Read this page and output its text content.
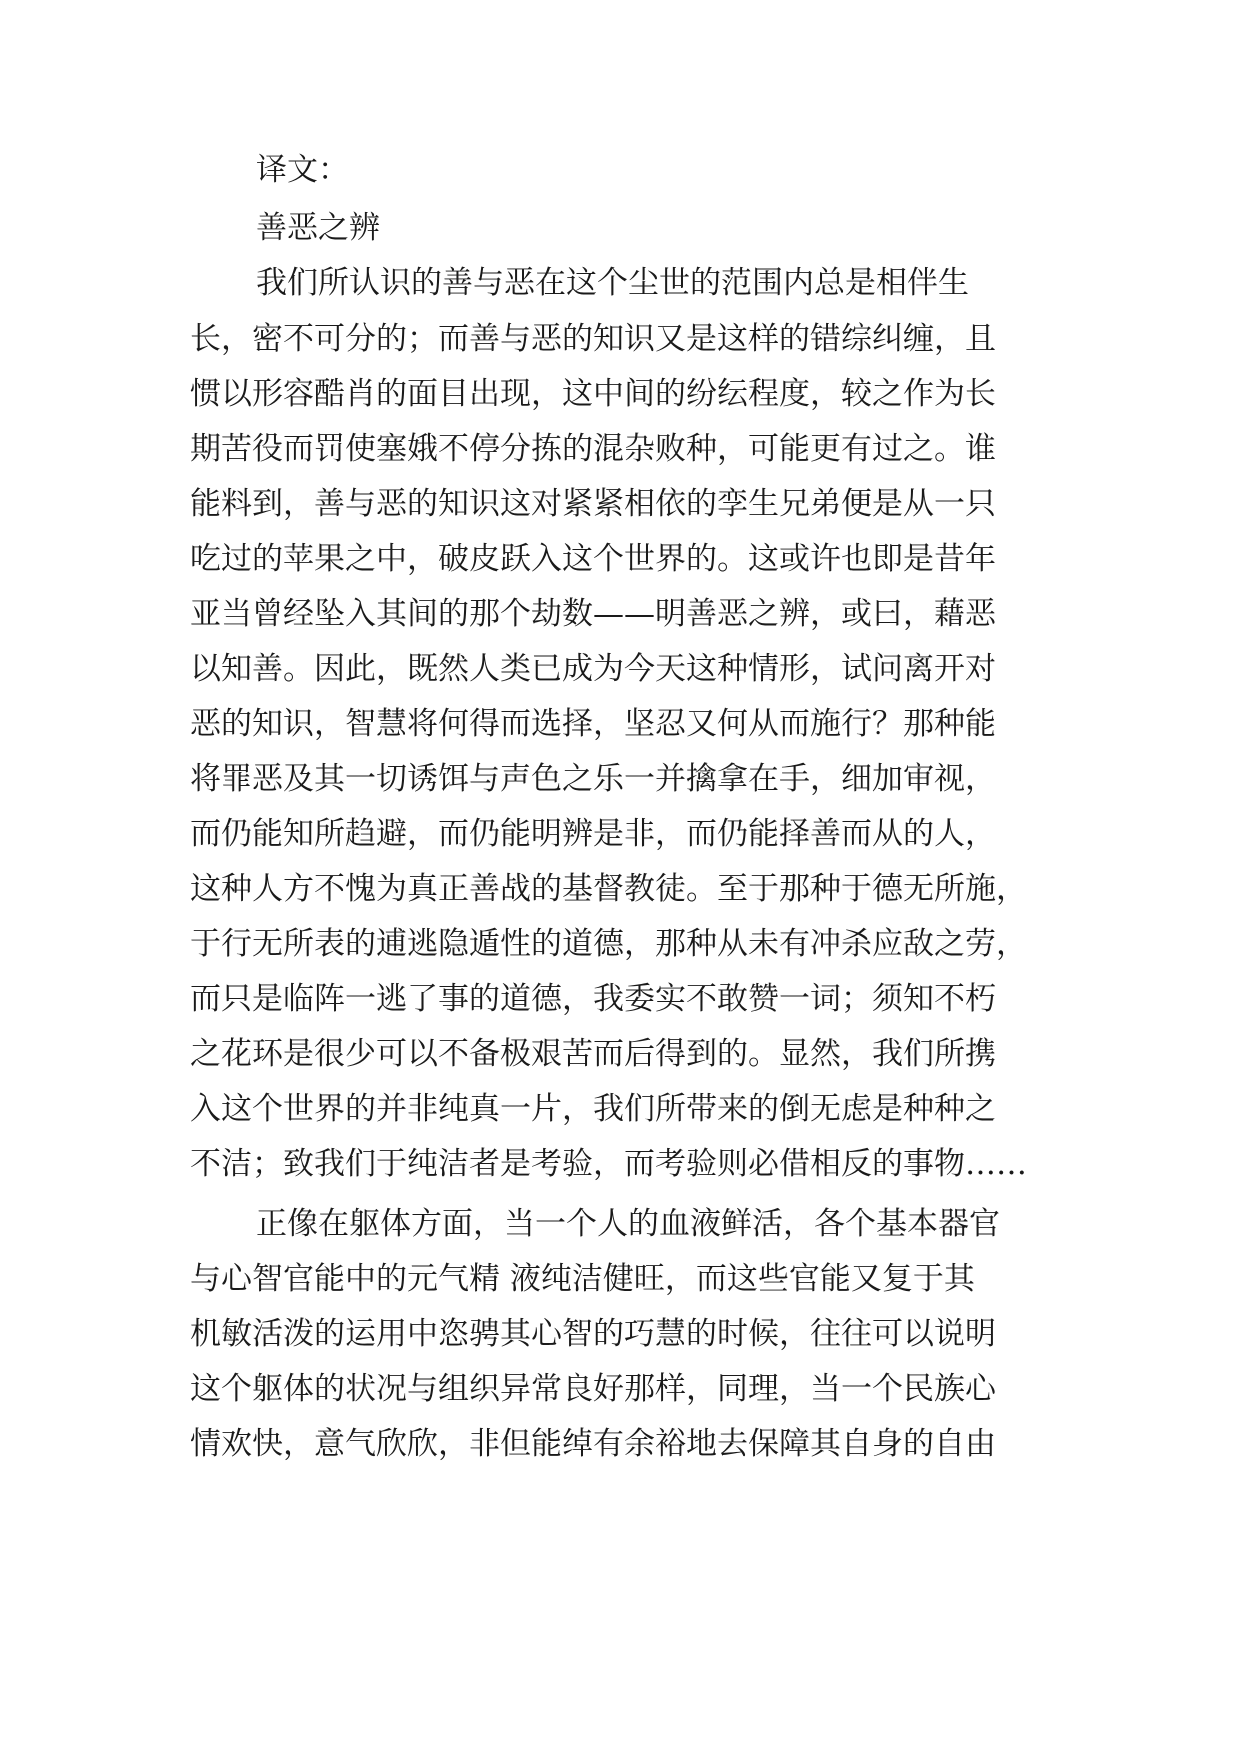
译文：
善恶之辨
我们所认识的善与恶在这个尘世的范围内总是相伴生
长，密不可分的；而善与恶的知识又是这样的错综纠缠，且
惯以形容酷肖的面目出现，这中间的纷纭程度，较之作为长
期苦役而罚使塞娥不停分拣的混杂败种，可能更有过之。谁
能料到，善与恶的知识这对紧紧相依的孪生兄弟便是从一只
吃过的苹果之中，破皮跃入这个世界的。这或许也即是昔年
亚当曾经坠入其间的那个劫数——明善恶之辨，或曰，藉恶
以知善。因此，既然人类已成为今天这种情形，试问离开对
恶的知识，智慧将何得而选择，坚忍又何从而施行？那种能
将罪恶及其一切诱饵与声色之乐一并擒拿在手，细加审视，
而仍能知所趋避，而仍能明辨是非，而仍能择善而从的人，
这种人方不愧为真正善战的基督教徒。至于那种于德无所施，
于行无所表的逋逃隐遁性的道德，那种从未有冲杀应敌之劳，
而只是临阵一逃了事的道德，我委实不敢赞一词；须知不朽
之花环是很少可以不备极艰苦而后得到的。显然，我们所携
入这个世界的并非纯真一片，我们所带来的倒无虑是种种之
不洁；致我们于纯洁者是考验，而考验则必借相反的事物……
正像在躯体方面，当一个人的血液鲜活，各个基本器官
与心智官能中的元气精 液纯洁健旺，而这些官能又复于其
机敏活泼的运用中恣骋其心智的巧慧的时候，往往可以说明
这个躯体的状况与组织异常良好那样，同理，当一个民族心
情欢快，意气欣欣，非但能绰有余裕地去保障其自身的自由
